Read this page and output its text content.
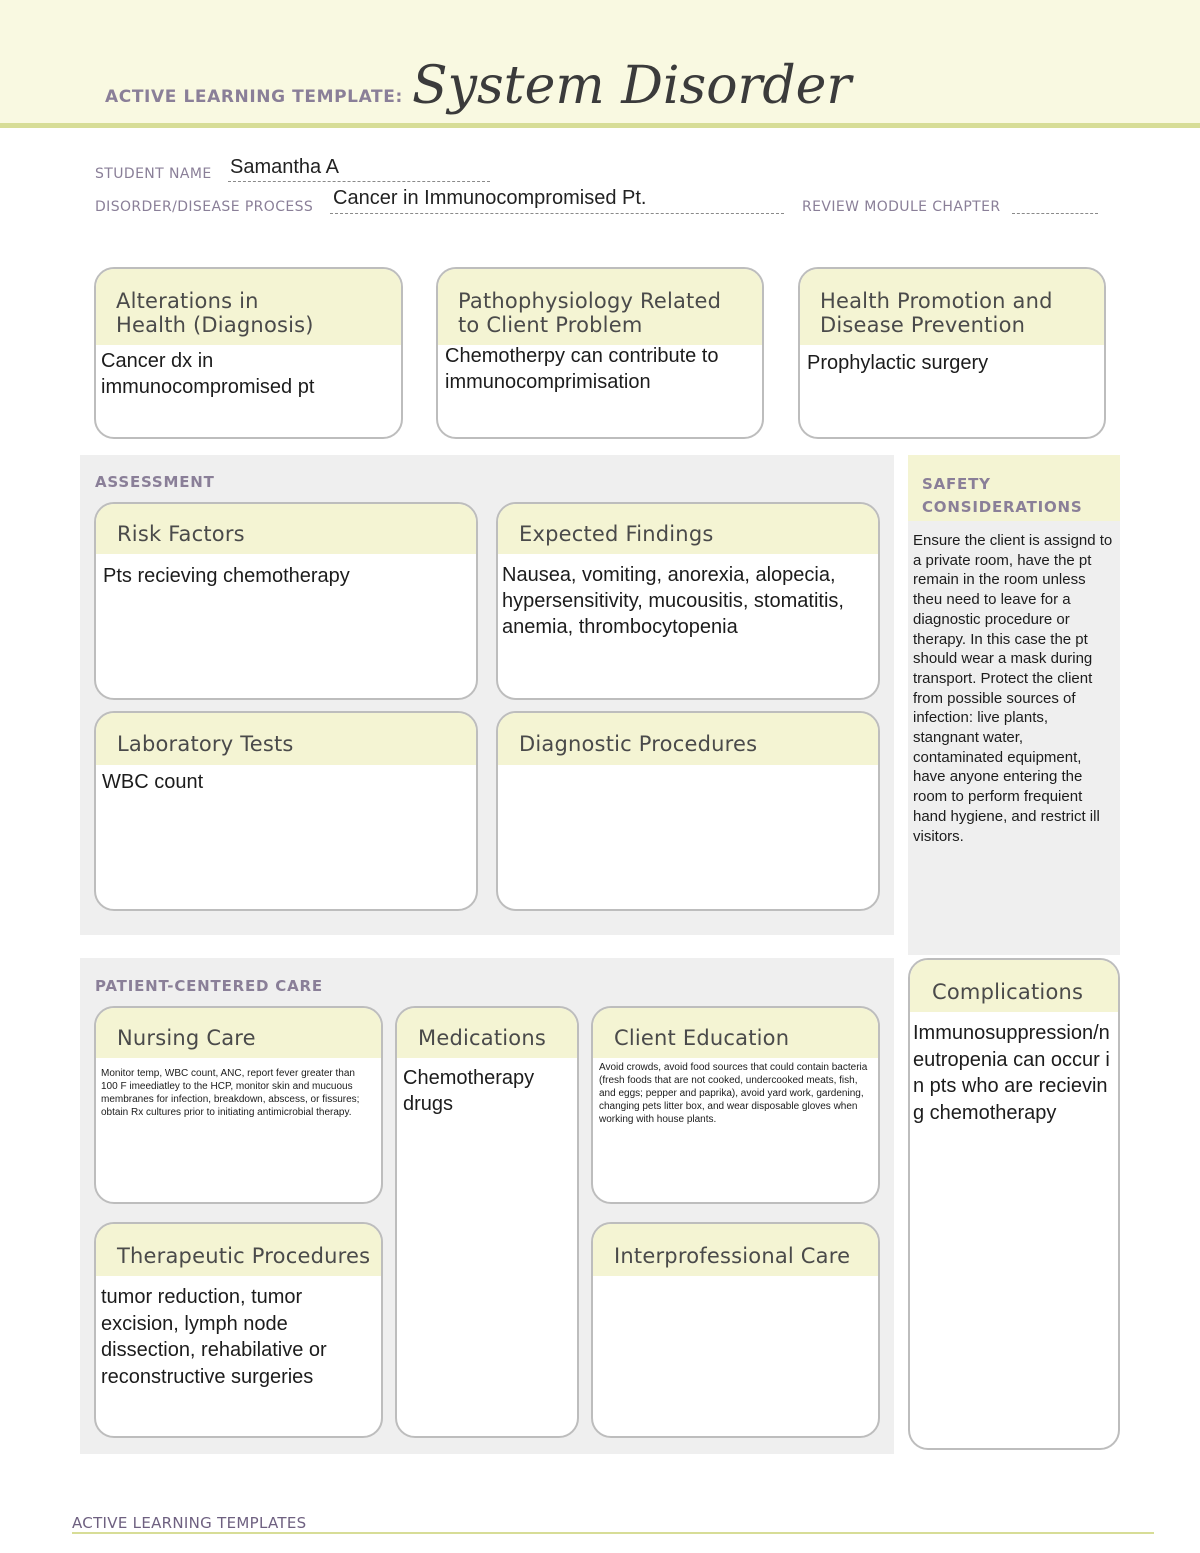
ACTIVE LEARNING TEMPLATE: System Disorder
STUDENT NAME Samantha A
DISORDER/DISEASE PROCESS Cancer in Immunocompromised Pt.	REVIEW MODULE CHAPTER
Alterations in
Health (Diagnosis)
Cancer dx in immunocompromised pt
Pathophysiology Related
to Client Problem
Chemotherpy can contribute to immunocomprimisation
Health Promotion and
Disease Prevention
Prophylactic surgery
ASSESSMENT
Risk Factors
Pts recieving chemotherapy
Expected Findings
Nausea, vomiting, anorexia, alopecia, hypersensitivity, mucousitis, stomatitis, anemia, thrombocytopenia
Laboratory Tests
WBC count
Diagnostic Procedures
SAFETY
CONSIDERATIONS
Ensure the client is assignd to a private room, have the pt remain in the room unless theu need to leave for a diagnostic procedure or therapy. In this case the pt should wear a mask during transport. Protect the client from possible sources of infection: live plants, stangnant water, contaminated equipment, have anyone entering the room to perform frequient hand hygiene, and restrict ill visitors.
PATIENT-CENTERED CARE
Nursing Care
Monitor temp, WBC count, ANC, report fever greater than 100 F imeediatley to the HCP, monitor skin and mucuous membranes for infection, breakdown, abscess, or fissures; obtain Rx cultures prior to initiating antimicrobial therapy.
Medications
Chemotherapy drugs
Client Education
Avoid crowds, avoid food sources that could contain bacteria (fresh foods that are not cooked, undercooked meats, fish, and eggs; pepper and paprika), avoid yard work, gardening, changing pets litter box, and wear disposable gloves when working with house plants.
Therapeutic Procedures
tumor reduction, tumor excision, lymph node dissection, rehabilative or reconstructive surgeries
Interprofessional Care
Complications
Immunosuppression/neutropenia can occur in pts who are recieving chemotherapy
ACTIVE LEARNING TEMPLATES
